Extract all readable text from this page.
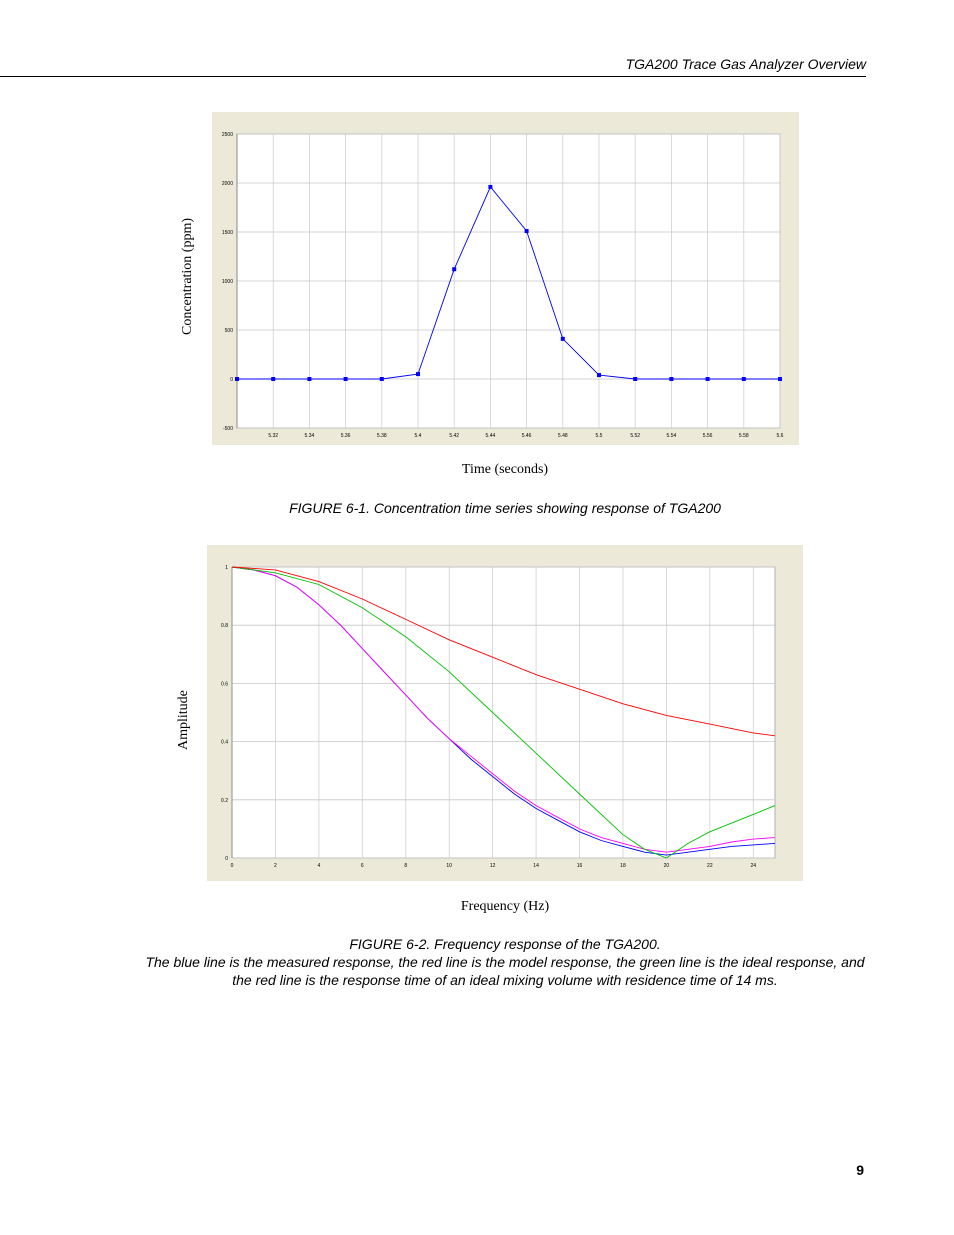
TGA200 Trace Gas Analyzer Overview
Concentration (ppm)
5.32	5.34	5.36	5.38	5.4	5.42	5.44	5.46	5.48	5.5	5.52	5.54	5.56	5.58	5.6
2500
2000
1500
1000
500
0
-500
Time (seconds)
FIGURE 6-1. Concentration time series showing response of TGA200
Amplitude
0	2	4	6	8	10	12	14	16	18	20	22	24
1
0.8
0.6
0.4
0.2
0
Frequency (Hz)
FIGURE 6-2. Frequency response of the TGA200.
The blue line is the measured response, the red line is the model response, the green line is the ideal response, and the red line is the response time of an ideal mixing volume with residence time of 14 ms.
9
